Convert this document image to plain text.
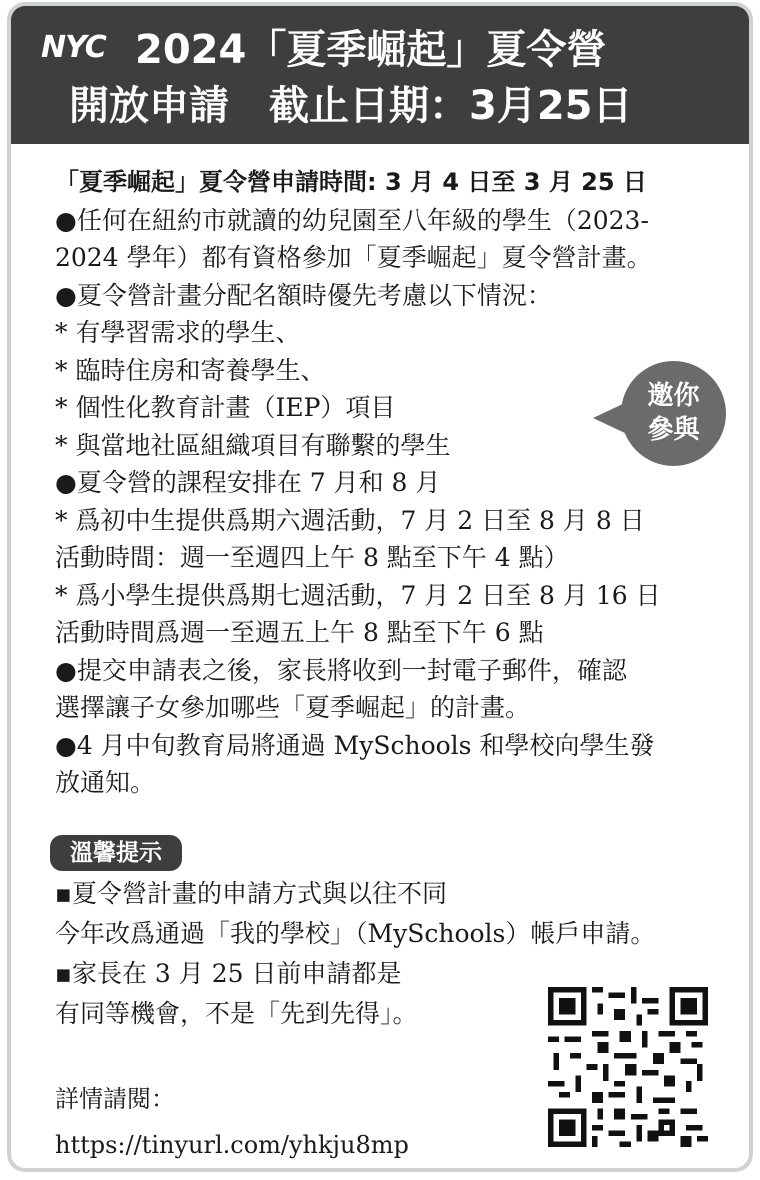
NYC 2024「夏季崛起」夏令營
開放申請　截止日期：3月25日
「夏季崛起」夏令營申請時間: 3 月 4 日至 3 月 25 日
●任何在紐約市就讀的幼兒園至八年級的學生（2023-
2024 學年）都有資格參加「夏季崛起」夏令營計畫。
●夏令營計畫分配名額時優先考慮以下情況：
* 有學習需求的學生、
* 臨時住房和寄養學生、
* 個性化教育計畫（IEP）項目
* 與當地社區組織項目有聯繫的學生
●夏令營的課程安排在 7 月和 8 月
* 爲初中生提供爲期六週活動，7 月 2 日至 8 月 8 日
活動時間：週一至週四上午 8 點至下午 4 點）
* 爲小學生提供爲期七週活動，7 月 2 日至 8 月 16 日
活動時間爲週一至週五上午 8 點至下午 6 點
●提交申請表之後，家長將收到一封電子郵件，確認
選擇讓子女參加哪些「夏季崛起」的計畫。
●4 月中旬教育局將通過 MySchools 和學校向學生發
放通知。
邀你
參與
溫馨提示
▪夏令營計畫的申請方式與以往不同
今年改爲通過「我的學校」（MySchools）帳戶申請。
▪家長在 3 月 25 日前申請都是
有同等機會，不是「先到先得」。
詳情請閱：
https://tinyurl.com/yhkju8mp
